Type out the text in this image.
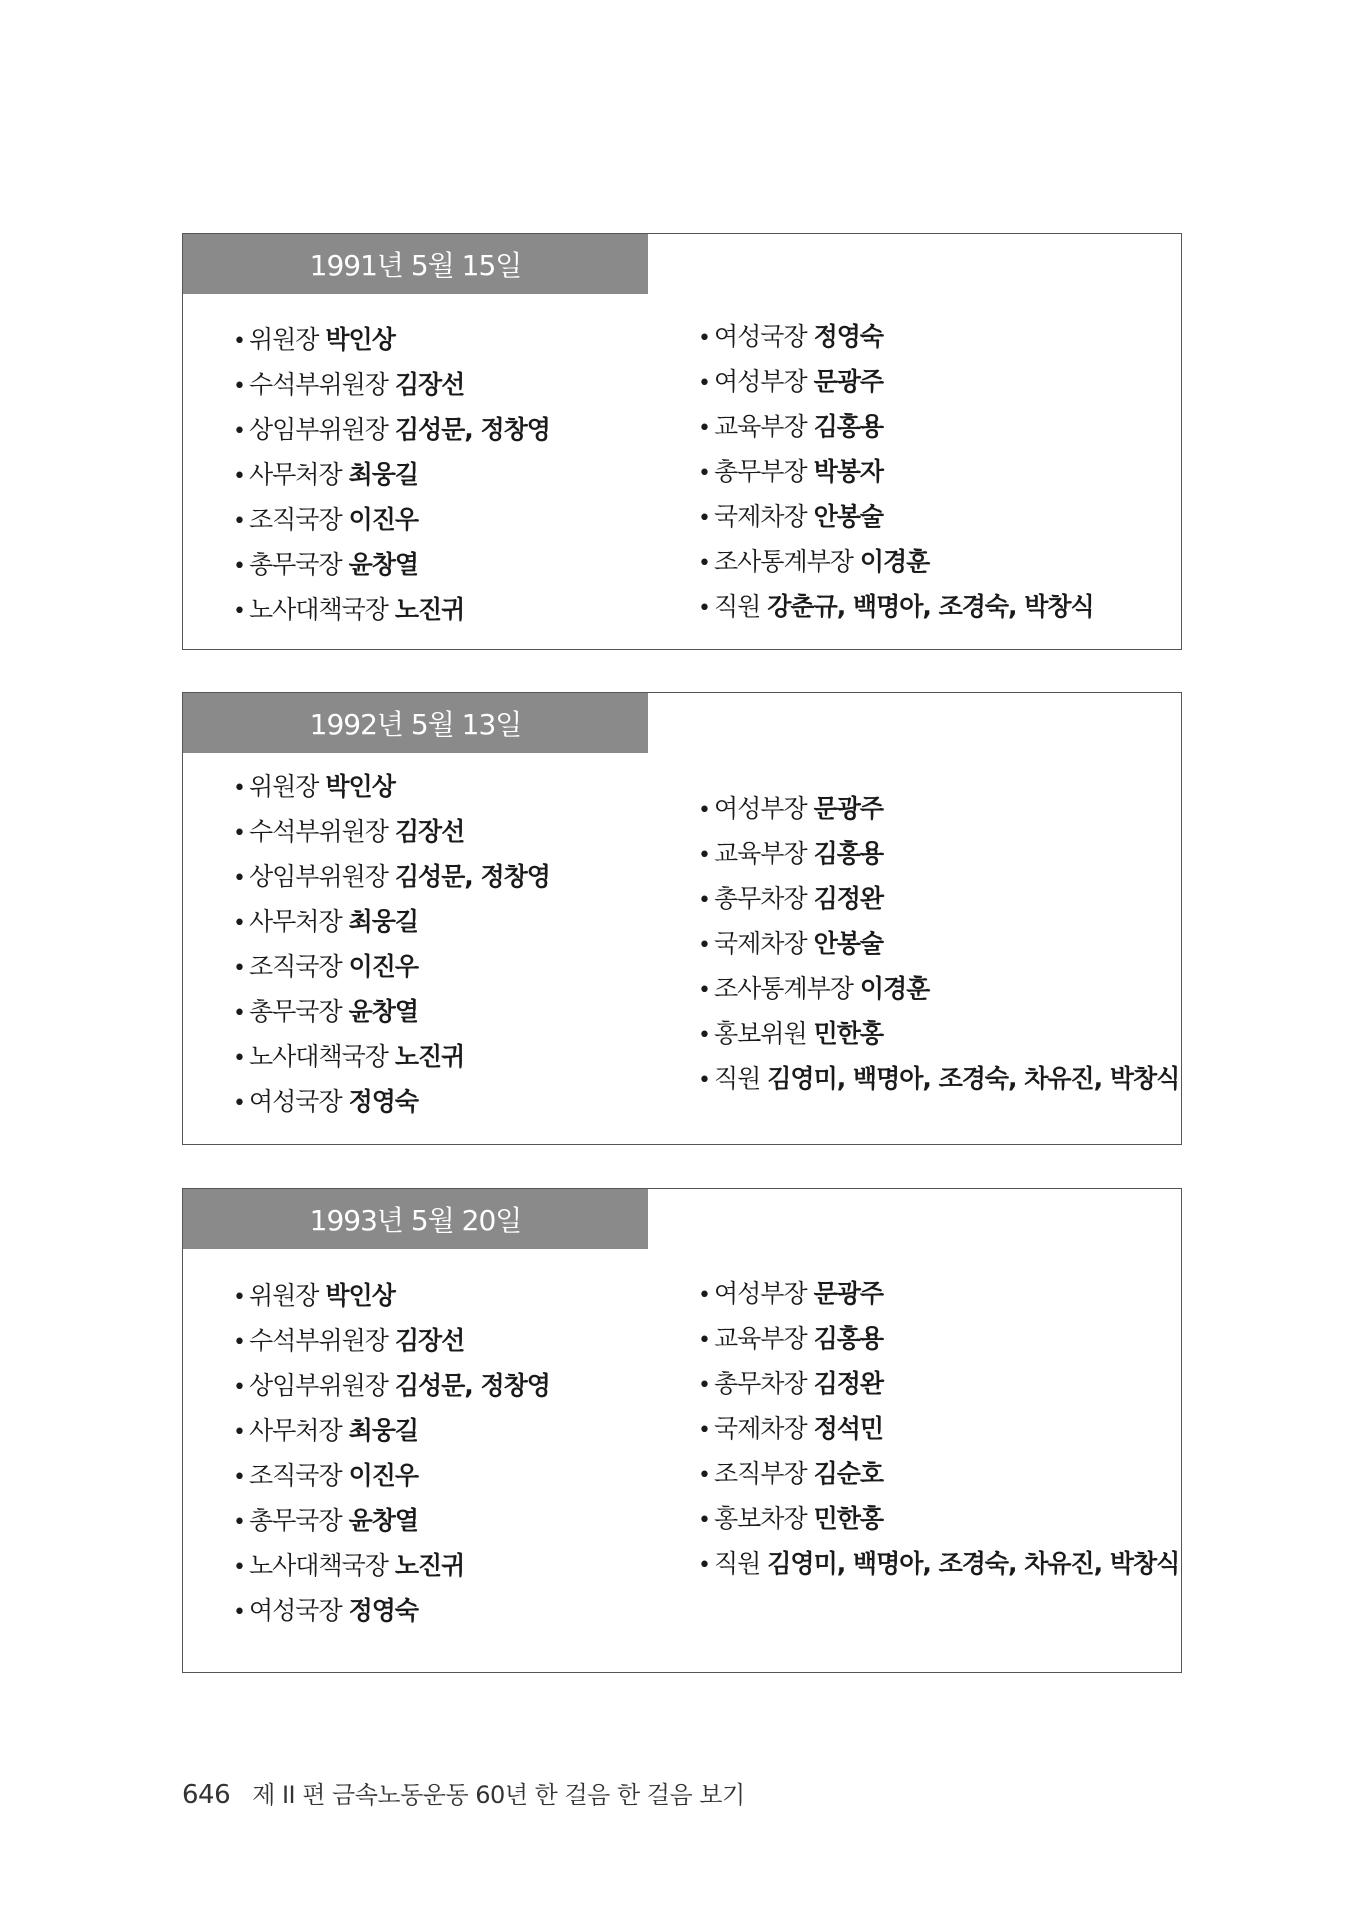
1991년 5월 15일
• 위원장 박인상
• 수석부위원장 김장선
• 상임부위원장 김성문, 정창영
• 사무처장 최웅길
• 조직국장 이진우
• 총무국장 윤창열
• 노사대책국장 노진귀
• 여성국장 정영숙
• 여성부장 문광주
• 교육부장 김홍용
• 총무부장 박봉자
• 국제차장 안봉술
• 조사통계부장 이경훈
• 직원 강춘규, 백명아, 조경숙, 박창식
1992년 5월 13일
• 위원장 박인상
• 수석부위원장 김장선
• 상임부위원장 김성문, 정창영
• 사무처장 최웅길
• 조직국장 이진우
• 총무국장 윤창열
• 노사대책국장 노진귀
• 여성국장 정영숙
• 여성부장 문광주
• 교육부장 김홍용
• 총무차장 김정완
• 국제차장 안봉술
• 조사통계부장 이경훈
• 홍보위원 민한홍
• 직원 김영미, 백명아, 조경숙, 차유진, 박창식
1993년 5월 20일
• 위원장 박인상
• 수석부위원장 김장선
• 상임부위원장 김성문, 정창영
• 사무처장 최웅길
• 조직국장 이진우
• 총무국장 윤창열
• 노사대책국장 노진귀
• 여성국장 정영숙
• 여성부장 문광주
• 교육부장 김홍용
• 총무차장 김정완
• 국제차장 정석민
• 조직부장 김순호
• 홍보차장 민한홍
• 직원 김영미, 백명아, 조경숙, 차유진, 박창식
646 제 II 편 금속노동운동 60년 한 걸음 한 걸음 보기
